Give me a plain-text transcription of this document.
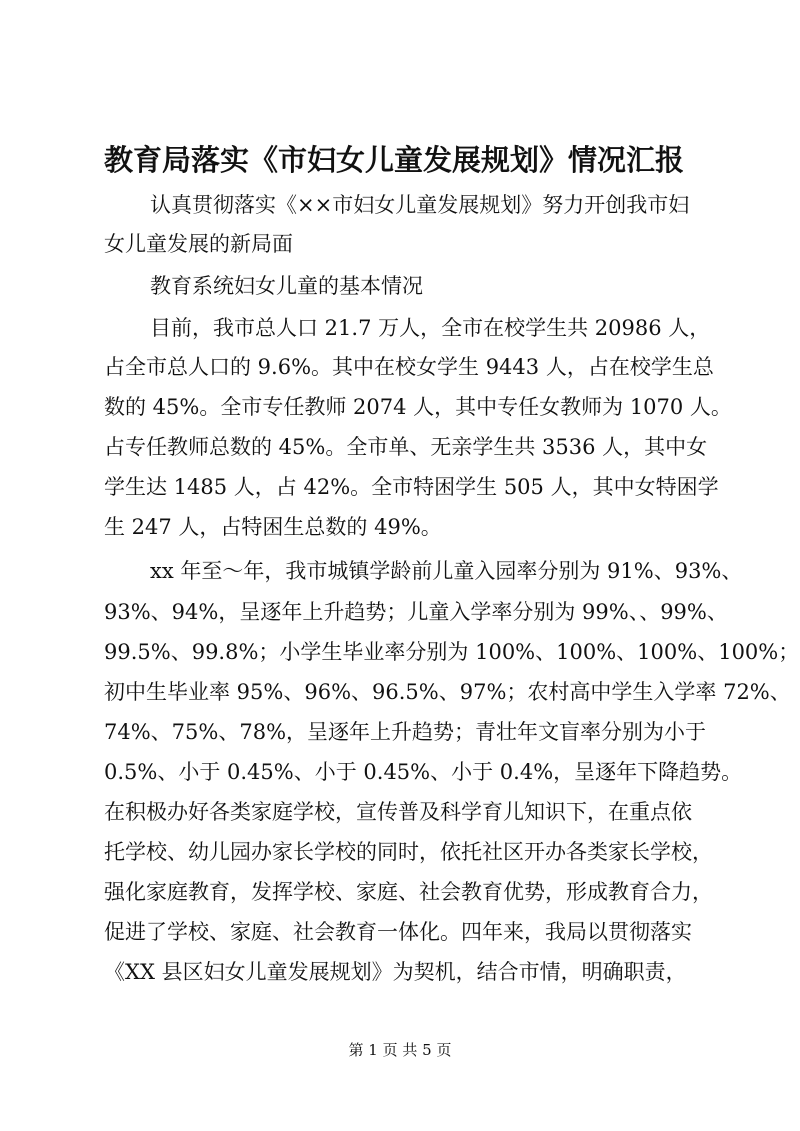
教育局落实《市妇女儿童发展规划》情况汇报

认真贯彻落实《××市妇女儿童发展规划》努力开创我市妇

女儿童发展的新局面

教育系统妇女儿童的基本情况

目前，我市总人口 21.7 万人，全市在校学生共 20986 人，

占全市总人口的 9.6%。其中在校女学生 9443 人，占在校学生总

数的 45%。全市专任教师 2074 人，其中专任女教师为 1070 人。

占专任教师总数的 45%。全市单、无亲学生共 3536 人，其中女

学生达 1485 人，占 42%。全市特困学生 505 人，其中女特困学

生 247 人，占特困生总数的 49%。

xx 年至～年，我市城镇学龄前儿童入园率分别为 91%、93%、

93%、94%，呈逐年上升趋势；儿童入学率分别为 99%、、99%、

99.5%、99.8%；小学生毕业率分别为 100%、100%、100%、100%；

初中生毕业率 95%、96%、96.5%、97%；农村高中学生入学率 72%、

74%、75%、78%，呈逐年上升趋势；青壮年文盲率分别为小于

0.5%、小于 0.45%、小于 0.45%、小于 0.4%，呈逐年下降趋势。

在积极办好各类家庭学校，宣传普及科学育儿知识下，在重点依

托学校、幼儿园办家长学校的同时，依托社区开办各类家长学校，

强化家庭教育，发挥学校、家庭、社会教育优势，形成教育合力，

促进了学校、家庭、社会教育一体化。四年来，我局以贯彻落实

《XX 县区妇女儿童发展规划》为契机，结合市情，明确职责，

第 1 页 共 5 页
